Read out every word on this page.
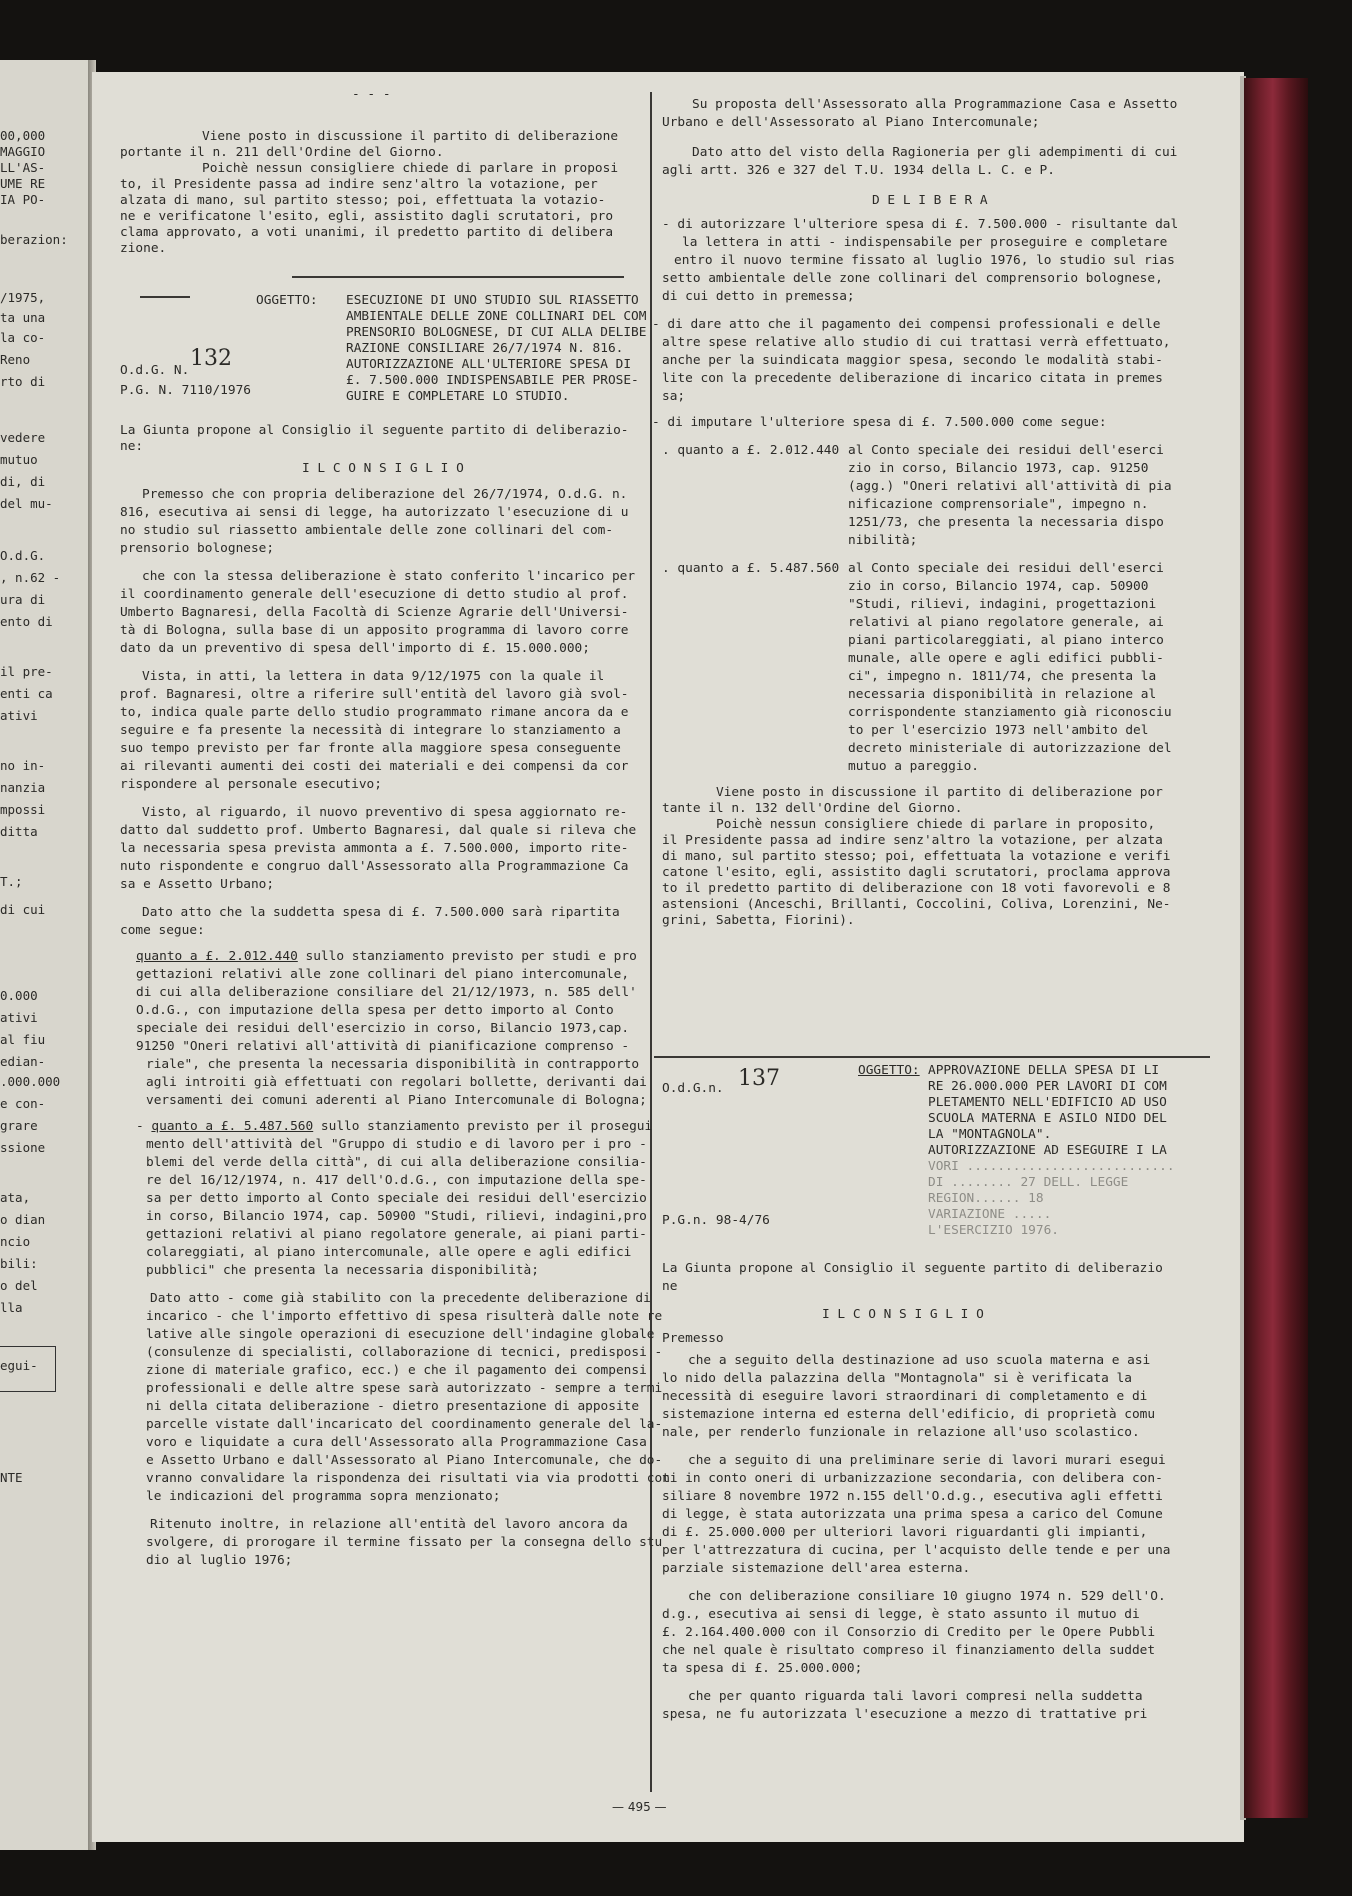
00,000
MAGGIO
LL'AS-
UME RE
IA PO-
berazion:
/1975,
ta una
la co-
Reno
rto di
vedere
mutuo
di, di
del mu-
O.d.G.
, n.62 -
ura di
ento di
il pre-
enti ca
ativi
no in-
nanzia
mpossi
ditta
T.;
di cui
0.000
ativi
al fiu
edian-
.000.000
e con-
grare
ssione
ata,
o dian
ncio
bili:
o del
lla
egui-
NTE
- - -
Viene posto in discussione il partito di deliberazione
portante il n. 211 dell'Ordine del Giorno.
Poichè nessun consigliere chiede di parlare in proposi
to, il Presidente passa ad indire senz'altro la votazione, per
alzata di mano, sul partito stesso; poi, effettuata la votazio-
ne e verificatone l'esito, egli, assistito dagli scrutatori, pro
clama approvato, a voti unanimi, il predetto partito di delibera
zione.
OGGETTO: ESECUZIONE DI UNO STUDIO SUL RIASSETTO
AMBIENTALE DELLE ZONE COLLINARI DEL COM
PRENSORIO BOLOGNESE, DI CUI ALLA DELIBE
RAZIONE CONSILIARE 26/7/1974 N. 816.
AUTORIZZAZIONE ALL'ULTERIORE SPESA DI
£. 7.500.000 INDISPENSABILE PER PROSE-
GUIRE E COMPLETARE LO STUDIO.
O.d.G. N. 132
P.G. N. 7110/1976
La Giunta propone al Consiglio il seguente partito di deliberazio-
ne:
I L C O N S I G L I O
Premesso che con propria deliberazione del 26/7/1974, O.d.G. n.
816, esecutiva ai sensi di legge, ha autorizzato l'esecuzione di u
no studio sul riassetto ambientale delle zone collinari del com-
prensorio bolognese;
che con la stessa deliberazione è stato conferito l'incarico per
il coordinamento generale dell'esecuzione di detto studio al prof.
Umberto Bagnaresi, della Facoltà di Scienze Agrarie dell'Universi-
tà di Bologna, sulla base di un apposito programma di lavoro corre
dato da un preventivo di spesa dell'importo di £. 15.000.000;
Vista, in atti, la lettera in data 9/12/1975 con la quale il
prof. Bagnaresi, oltre a riferire sull'entità del lavoro già svol-
to, indica quale parte dello studio programmato rimane ancora da e
seguire e fa presente la necessità di integrare lo stanziamento a
suo tempo previsto per far fronte alla maggiore spesa conseguente
ai rilevanti aumenti dei costi dei materiali e dei compensi da cor
rispondere al personale esecutivo;
Visto, al riguardo, il nuovo preventivo di spesa aggiornato re-
datto dal suddetto prof. Umberto Bagnaresi, dal quale si rileva che
la necessaria spesa prevista ammonta a £. 7.500.000, importo rite-
nuto rispondente e congruo dall'Assessorato alla Programmazione Ca
sa e Assetto Urbano;
Dato atto che la suddetta spesa di £. 7.500.000 sarà ripartita
come segue:
quanto a £. 2.012.440 sullo stanziamento previsto per studi e pro
gettazioni relativi alle zone collinari del piano intercomunale,
di cui alla deliberazione consiliare del 21/12/1973, n. 585 dell'
O.d.G., con imputazione della spesa per detto importo al Conto
speciale dei residui dell'esercizio in corso, Bilancio 1973,cap.
91250 "Oneri relativi all'attività di pianificazione comprenso -
riale", che presenta la necessaria disponibilità in contrapporto
agli introiti già effettuati con regolari bollette, derivanti dai
versamenti dei comuni aderenti al Piano Intercomunale di Bologna;
- quanto a £. 5.487.560 sullo stanziamento previsto per il prosegui
mento dell'attività del "Gruppo di studio e di lavoro per i pro -
blemi del verde della città", di cui alla deliberazione consilia-
re del 16/12/1974, n. 417 dell'O.d.G., con imputazione della spe-
sa per detto importo al Conto speciale dei residui dell'esercizio
in corso, Bilancio 1974, cap. 50900 "Studi, rilievi, indagini,pro
gettazioni relativi al piano regolatore generale, ai piani parti-
colareggiati, al piano intercomunale, alle opere e agli edifici
pubblici" che presenta la necessaria disponibilità;
Dato atto - come già stabilito con la precedente deliberazione di
incarico - che l'importo effettivo di spesa risulterà dalle note re
lative alle singole operazioni di esecuzione dell'indagine globale
(consulenze di specialisti, collaborazione di tecnici, predisposi -
zione di materiale grafico, ecc.) e che il pagamento dei compensi
professionali e delle altre spese sarà autorizzato - sempre a termi
ni della citata deliberazione - dietro presentazione di apposite
parcelle vistate dall'incaricato del coordinamento generale del la-
voro e liquidate a cura dell'Assessorato alla Programmazione Casa
e Assetto Urbano e dall'Assessorato al Piano Intercomunale, che do-
vranno convalidare la rispondenza dei risultati via via prodotti con
le indicazioni del programma sopra menzionato;
Ritenuto inoltre, in relazione all'entità del lavoro ancora da
svolgere, di prorogare il termine fissato per la consegna dello stu
dio al luglio 1976;
Su proposta dell'Assessorato alla Programmazione Casa e Assetto
Urbano e dell'Assessorato al Piano Intercomunale;
Dato atto del visto della Ragioneria per gli adempimenti di cui
agli artt. 326 e 327 del T.U. 1934 della L. C. e P.
D E L I B E R A
- di autorizzare l'ulteriore spesa di £. 7.500.000 - risultante dal
la lettera in atti - indispensabile per proseguire e completare
entro il nuovo termine fissato al luglio 1976, lo studio sul rias
setto ambientale delle zone collinari del comprensorio bolognese,
di cui detto in premessa;
- di dare atto che il pagamento dei compensi professionali e delle
altre spese relative allo studio di cui trattasi verrà effettuato,
anche per la suindicata maggior spesa, secondo le modalità stabi-
lite con la precedente deliberazione di incarico citata in premes
sa;
- di imputare l'ulteriore spesa di £. 7.500.000 come segue:
. quanto a £. 2.012.440 al Conto speciale dei residui dell'eserci
zio in corso, Bilancio 1973, cap. 91250
(agg.) "Oneri relativi all'attività di pia
nificazione comprensoriale", impegno n.
1251/73, che presenta la necessaria dispo
nibilità;
. quanto a £. 5.487.560 al Conto speciale dei residui dell'eserci
zio in corso, Bilancio 1974, cap. 50900
"Studi, rilievi, indagini, progettazioni
relativi al piano regolatore generale, ai
piani particolareggiati, al piano interco
munale, alle opere e agli edifici pubbli-
ci", impegno n. 1811/74, che presenta la
necessaria disponibilità in relazione al
corrispondente stanziamento già riconosciu
to per l'esercizio 1973 nell'ambito del
decreto ministeriale di autorizzazione del
mutuo a pareggio.
Viene posto in discussione il partito di deliberazione por
tante il n. 132 dell'Ordine del Giorno.
Poichè nessun consigliere chiede di parlare in proposito,
il Presidente passa ad indire senz'altro la votazione, per alzata
di mano, sul partito stesso; poi, effettuata la votazione e verifi
catone l'esito, egli, assistito dagli scrutatori, proclama approva
to il predetto partito di deliberazione con 18 voti favorevoli e 8
astensioni (Anceschi, Brillanti, Coccolini, Coliva, Lorenzini, Ne-
grini, Sabetta, Fiorini).
O.d.G.n. 137	OGGETTO: APPROVAZIONE DELLA SPESA DI LI
RE 26.000.000 PER LAVORI DI COM
PLETAMENTO NELL'EDIFICIO AD USO
SCUOLA MATERNA E ASILO NIDO DEL
LA "MONTAGNOLA".
AUTORIZZAZIONE AD ESEGUIRE I LA
VORI ...........................
DI ........ 27 DELL. LEGGE
REGION...... 18
VARIAZIONE .....
L'ESERCIZIO 1976.
P.G.n. 98-4/76
La Giunta propone al Consiglio il seguente partito di deliberazio
ne
I L C O N S I G L I O
Premesso
che a seguito della destinazione ad uso scuola materna e asi
lo nido della palazzina della "Montagnola" si è verificata la
necessità di eseguire lavori straordinari di completamento e di
sistemazione interna ed esterna dell'edificio, di proprietà comu
nale, per renderlo funzionale in relazione all'uso scolastico.
che a seguito di una preliminare serie di lavori murari esegui
ti in conto oneri di urbanizzazione secondaria, con delibera con-
siliare 8 novembre 1972 n.155 dell'O.d.g., esecutiva agli effetti
di legge, è stata autorizzata una prima spesa a carico del Comune
di £. 25.000.000 per ulteriori lavori riguardanti gli impianti,
per l'attrezzatura di cucina, per l'acquisto delle tende e per una
parziale sistemazione dell'area esterna.
che con deliberazione consiliare 10 giugno 1974 n. 529 dell'O.
d.g., esecutiva ai sensi di legge, è stato assunto il mutuo di
£. 2.164.400.000 con il Consorzio di Credito per le Opere Pubbli
che nel quale è risultato compreso il finanziamento della suddet
ta spesa di £. 25.000.000;
che per quanto riguarda tali lavori compresi nella suddetta
spesa, ne fu autorizzata l'esecuzione a mezzo di trattative pri
— 495 —
